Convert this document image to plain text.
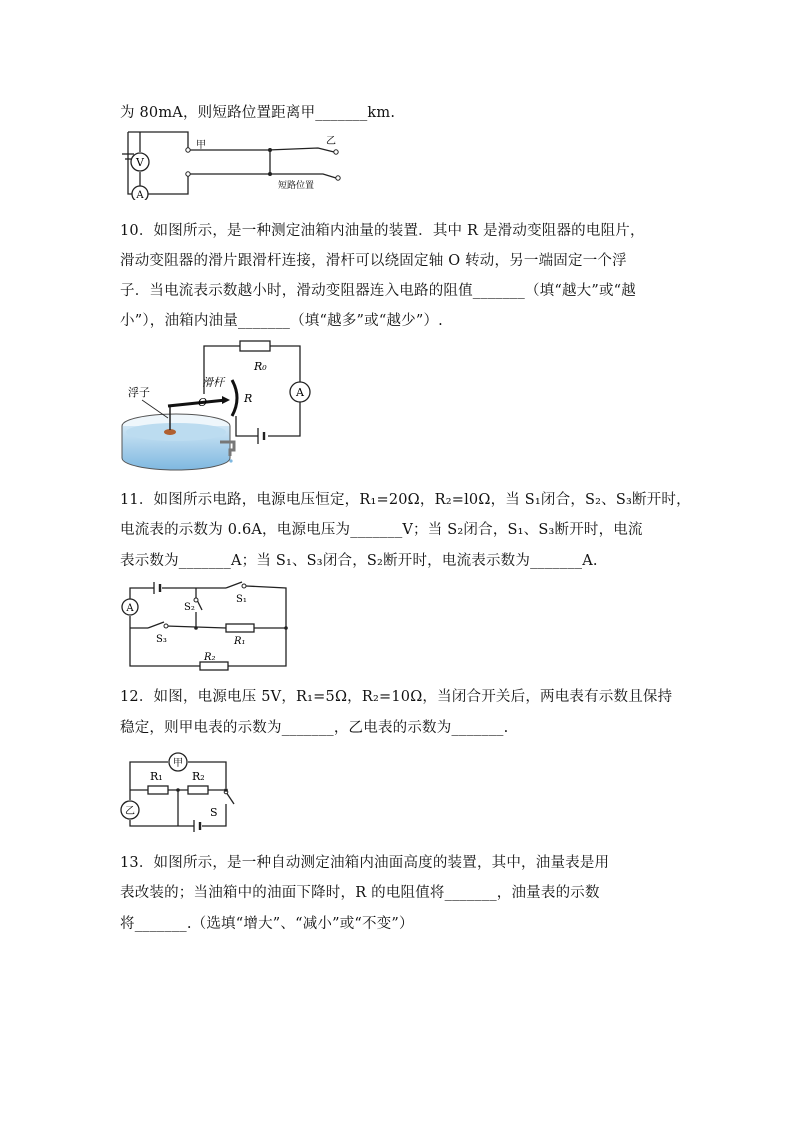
为 80mA，则短路位置距离甲_______km.
V
A
甲	乙
短路位置
10．如图所示，是一种测定油箱内油量的装置．其中 R 是滑动变阻器的电阻片，
滑动变阻器的滑片跟滑杆连接，滑杆可以绕固定轴 O 转动，另一端固定一个浮
子．当电流表示数越小时，滑动变阻器连入电路的阻值_______（填“越大”或“越
小”），油箱内油量_______（填“越多”或“越少”）.
R₀
A
浮子
滑杆
O	R
11．如图所示电路，电源电压恒定，R₁=20Ω，R₂=l0Ω，当 S₁闭合，S₂、S₃断开时，
电流表的示数为 0.6A，电源电压为_______V；当 S₂闭合，S₁、S₃断开时，电流
表示数为_______A；当 S₁、S₃闭合，S₂断开时，电流表示数为_______A.
A
S₁
S₂
S₃	R₁
R₂
12．如图，电源电压 5V，R₁=5Ω，R₂=10Ω，当闭合开关后，两电表有示数且保持
稳定，则甲电表的示数为_______，乙电表的示数为_______.
甲
乙
R₁	R₂
S
13．如图所示，是一种自动测定油箱内油面高度的装置，其中，油量表是用
表改装的；当油箱中的油面下降时，R 的电阻值将_______，油量表的示数
将_______.（选填“增大”、“减小”或“不变”）
